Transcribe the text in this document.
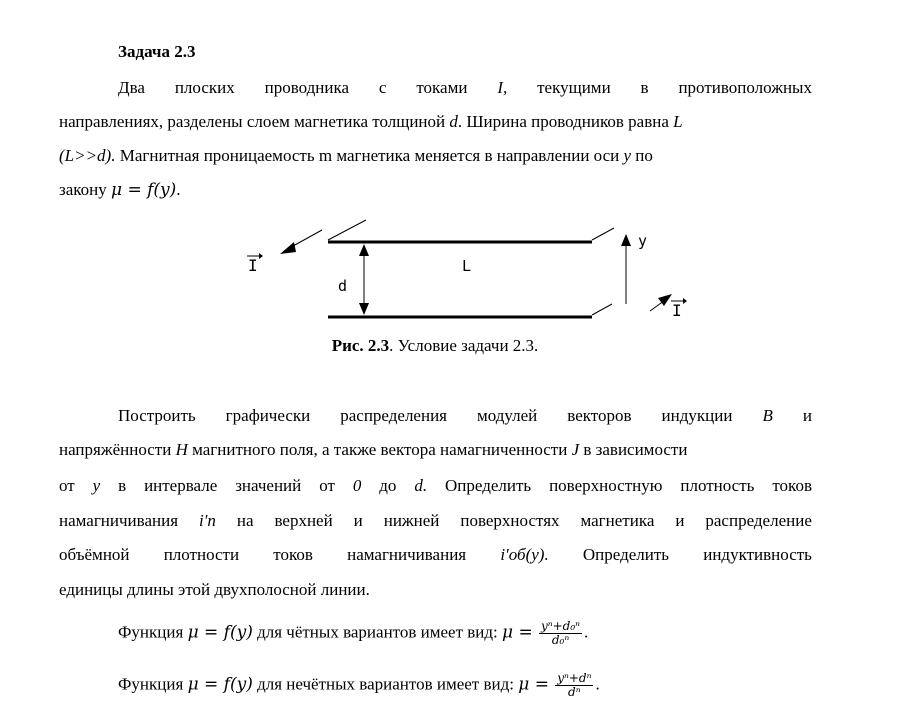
Задача 2.3
Два плоских проводника с токами I, текущими в противоположных
направлениях, разделены слоем магнетика толщиной d. Ширина проводников равна L
(L>>d). Магнитная проницаемость m магнетика меняется в направлении оси y по
закону μ = f(y).
I
I
L
d
y
Рис. 2.3. Условие задачи 2.3.
Построить графически распределения модулей векторов индукции B и
напряжённости H магнитного поля, а также вектора намагниченности J в зависимости
от y в интервале значений от 0 до d. Определить поверхностную плотность токов
намагничивания i′п на верхней и нижней поверхностях магнетика и распределение
объёмной плотности токов намагничивания i′об(y). Определить индуктивность
единицы длины этой двухполосной линии.
Функция μ = f(y) для чётных вариантов имеет вид: $\mu = \frac{\text{yⁿ+d₀ⁿ}}{\text{d₀ⁿ}}$ .
Функция μ = f(y) для нечётных вариантов имеет вид: $\mu = \frac{\text{yⁿ+dⁿ}}{\text{dⁿ}}$ .
